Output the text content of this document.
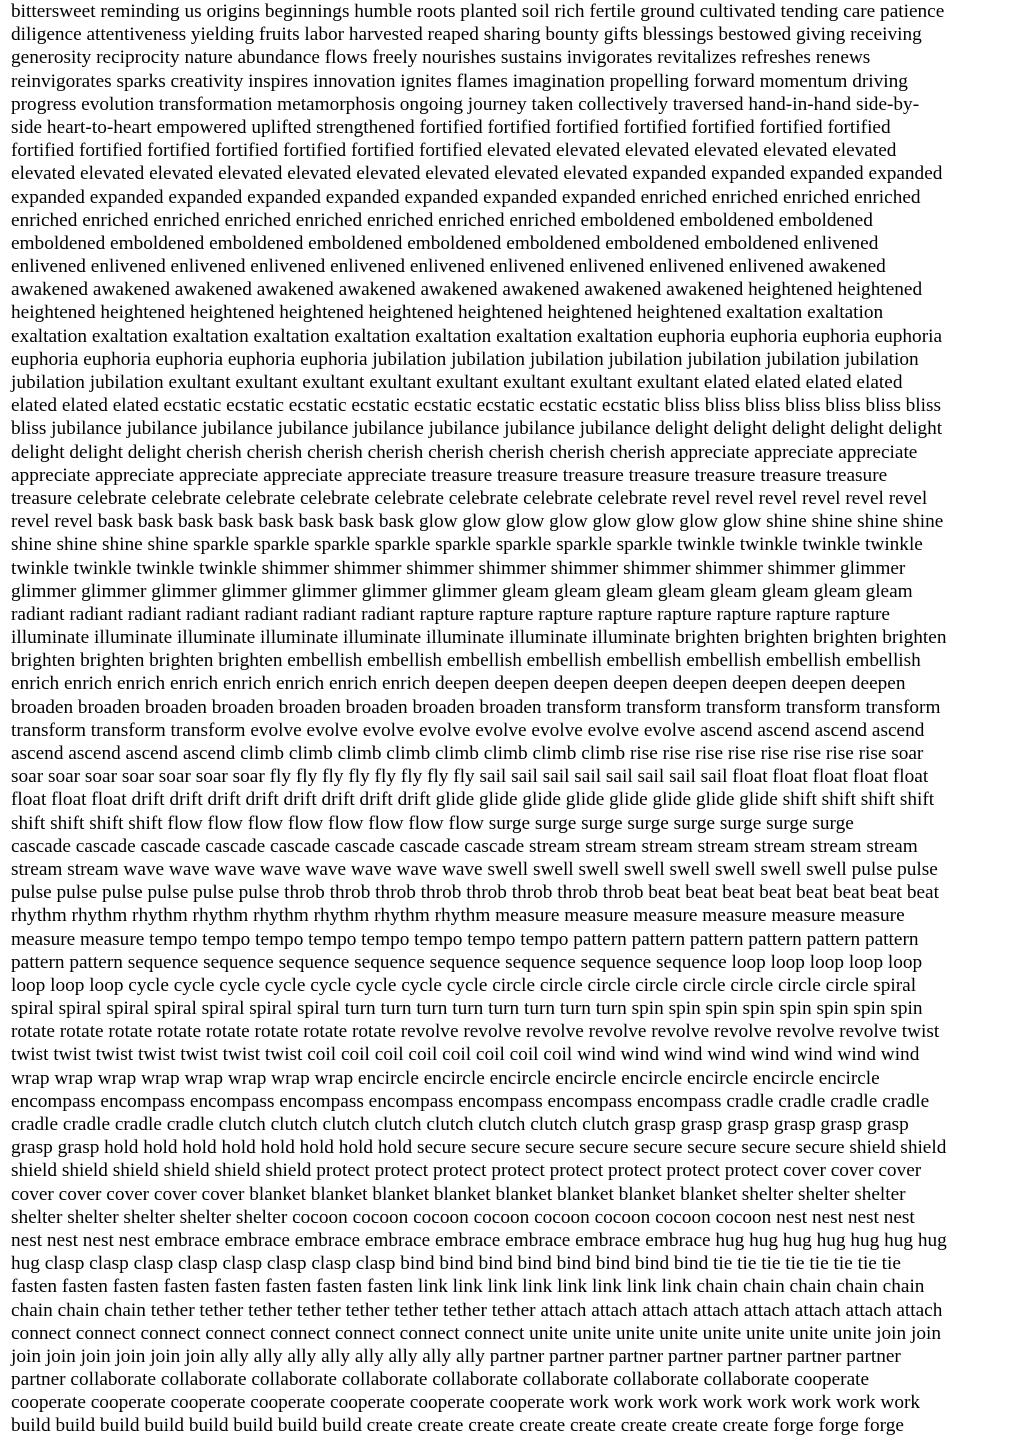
bittersweet reminding us origins beginnings humble roots planted soil rich fertile ground cultivated tending care patience
diligence attentiveness yielding fruits labor harvested reaped sharing bounty gifts blessings bestowed giving receiving
generosity reciprocity nature abundance flows freely nourishes sustains invigorates revitalizes refreshes renews
reinvigorates sparks creativity inspires innovation ignites flames imagination propelling forward momentum driving
progress evolution transformation metamorphosis ongoing journey taken collectively traversed hand-in-hand side-by-
side heart-to-heart empowered uplifted strengthened fortified fortified fortified fortified fortified fortified fortified
fortified fortified fortified fortified fortified fortified fortified elevated elevated elevated elevated elevated elevated
elevated elevated elevated elevated elevated elevated elevated elevated elevated expanded expanded expanded expanded
expanded expanded expanded expanded expanded expanded expanded expanded enriched enriched enriched enriched
enriched enriched enriched enriched enriched enriched enriched enriched emboldened emboldened emboldened
emboldened emboldened emboldened emboldened emboldened emboldened emboldened emboldened enlivened
enlivened enlivened enlivened enlivened enlivened enlivened enlivened enlivened enlivened enlivened awakened
awakened awakened awakened awakened awakened awakened awakened awakened awakened heightened heightened
heightened heightened heightened heightened heightened heightened heightened heightened exaltation exaltation
exaltation exaltation exaltation exaltation exaltation exaltation exaltation exaltation euphoria euphoria euphoria euphoria
euphoria euphoria euphoria euphoria euphoria jubilation jubilation jubilation jubilation jubilation jubilation jubilation
jubilation jubilation exultant exultant exultant exultant exultant exultant exultant exultant elated elated elated elated
elated elated elated ecstatic ecstatic ecstatic ecstatic ecstatic ecstatic ecstatic ecstatic bliss bliss bliss bliss bliss bliss bliss
bliss jubilance jubilance jubilance jubilance jubilance jubilance jubilance jubilance delight delight delight delight delight
delight delight delight cherish cherish cherish cherish cherish cherish cherish cherish appreciate appreciate appreciate
appreciate appreciate appreciate appreciate appreciate treasure treasure treasure treasure treasure treasure treasure
treasure celebrate celebrate celebrate celebrate celebrate celebrate celebrate celebrate revel revel revel revel revel revel
revel revel bask bask bask bask bask bask bask bask glow glow glow glow glow glow glow glow shine shine shine shine
shine shine shine shine sparkle sparkle sparkle sparkle sparkle sparkle sparkle sparkle twinkle twinkle twinkle twinkle
twinkle twinkle twinkle twinkle shimmer shimmer shimmer shimmer shimmer shimmer shimmer shimmer glimmer
glimmer glimmer glimmer glimmer glimmer glimmer glimmer gleam gleam gleam gleam gleam gleam gleam gleam
radiant radiant radiant radiant radiant radiant radiant rapture rapture rapture rapture rapture rapture rapture rapture
illuminate illuminate illuminate illuminate illuminate illuminate illuminate illuminate brighten brighten brighten brighten
brighten brighten brighten brighten embellish embellish embellish embellish embellish embellish embellish embellish
enrich enrich enrich enrich enrich enrich enrich enrich deepen deepen deepen deepen deepen deepen deepen deepen
broaden broaden broaden broaden broaden broaden broaden broaden transform transform transform transform transform
transform transform transform evolve evolve evolve evolve evolve evolve evolve evolve ascend ascend ascend ascend
ascend ascend ascend ascend climb climb climb climb climb climb climb climb rise rise rise rise rise rise rise rise soar
soar soar soar soar soar soar soar fly fly fly fly fly fly fly fly sail sail sail sail sail sail sail sail float float float float float
float float float drift drift drift drift drift drift drift drift glide glide glide glide glide glide glide glide shift shift shift shift
shift shift shift shift flow flow flow flow flow flow flow flow surge surge surge surge surge surge surge surge
cascade cascade cascade cascade cascade cascade cascade cascade stream stream stream stream stream stream stream
stream stream wave wave wave wave wave wave wave wave swell swell swell swell swell swell swell swell pulse pulse
pulse pulse pulse pulse pulse pulse throb throb throb throb throb throb throb throb beat beat beat beat beat beat beat beat
rhythm rhythm rhythm rhythm rhythm rhythm rhythm rhythm measure measure measure measure measure measure
measure measure tempo tempo tempo tempo tempo tempo tempo tempo pattern pattern pattern pattern pattern pattern
pattern pattern sequence sequence sequence sequence sequence sequence sequence sequence loop loop loop loop loop
loop loop loop cycle cycle cycle cycle cycle cycle cycle cycle circle circle circle circle circle circle circle circle spiral
spiral spiral spiral spiral spiral spiral spiral turn turn turn turn turn turn turn turn spin spin spin spin spin spin spin spin
rotate rotate rotate rotate rotate rotate rotate rotate revolve revolve revolve revolve revolve revolve revolve revolve twist
twist twist twist twist twist twist twist coil coil coil coil coil coil coil coil wind wind wind wind wind wind wind wind
wrap wrap wrap wrap wrap wrap wrap wrap encircle encircle encircle encircle encircle encircle encircle encircle
encompass encompass encompass encompass encompass encompass encompass encompass cradle cradle cradle cradle
cradle cradle cradle cradle clutch clutch clutch clutch clutch clutch clutch clutch grasp grasp grasp grasp grasp grasp
grasp grasp hold hold hold hold hold hold hold hold secure secure secure secure secure secure secure secure shield shield
shield shield shield shield shield shield protect protect protect protect protect protect protect protect cover cover cover
cover cover cover cover cover blanket blanket blanket blanket blanket blanket blanket blanket shelter shelter shelter
shelter shelter shelter shelter shelter cocoon cocoon cocoon cocoon cocoon cocoon cocoon cocoon nest nest nest nest
nest nest nest nest embrace embrace embrace embrace embrace embrace embrace embrace hug hug hug hug hug hug hug
hug clasp clasp clasp clasp clasp clasp clasp clasp bind bind bind bind bind bind bind bind tie tie tie tie tie tie tie tie
fasten fasten fasten fasten fasten fasten fasten fasten link link link link link link link link chain chain chain chain chain
chain chain chain tether tether tether tether tether tether tether tether attach attach attach attach attach attach attach attach
connect connect connect connect connect connect connect connect unite unite unite unite unite unite unite unite join join
join join join join join join ally ally ally ally ally ally ally ally partner partner partner partner partner partner partner
partner collaborate collaborate collaborate collaborate collaborate collaborate collaborate collaborate cooperate
cooperate cooperate cooperate cooperate cooperate cooperate cooperate work work work work work work work work
build build build build build build build build create create create create create create create create forge forge forge
